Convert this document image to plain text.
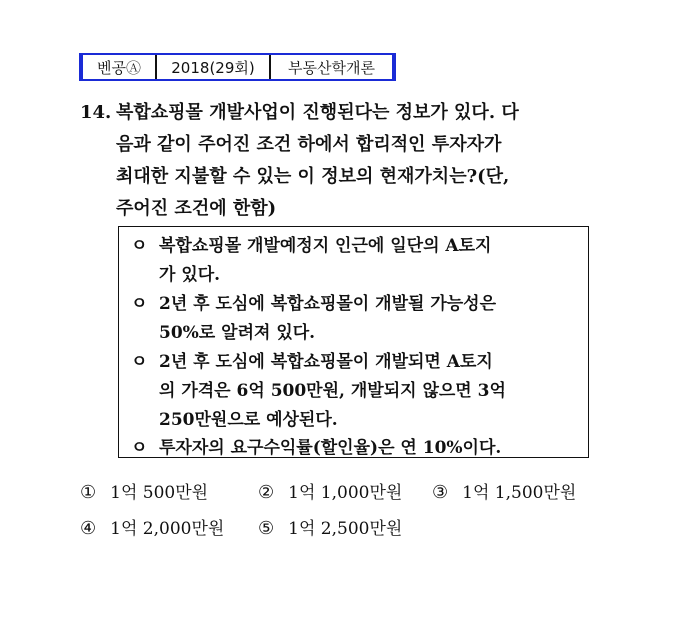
벤공Ⓐ	2018(29회)	부동산학개론
14. 복합쇼핑몰 개발사업이 진행된다는 정보가 있다. 다
음과 같이 주어진 조건 하에서 합리적인 투자자가
최대한 지불할 수 있는 이 정보의 현재가치는?(단,
주어진 조건에 한함)
ㅇ 복합쇼핑몰 개발예정지 인근에 일단의 A토지
가 있다.
ㅇ 2년 후 도심에 복합쇼핑몰이 개발될 가능성은
50%로 알려져 있다.
ㅇ 2년 후 도심에 복합쇼핑몰이 개발되면 A토지
의 가격은 6억 500만원, 개발되지 않으면 3억
250만원으로 예상된다.
ㅇ 투자자의 요구수익률(할인율)은 연 10%이다.
① 1억 500만원	② 1억 1,000만원 ③ 1억 1,500만원
④ 1억 2,000만원 ⑤ 1억 2,500만원
